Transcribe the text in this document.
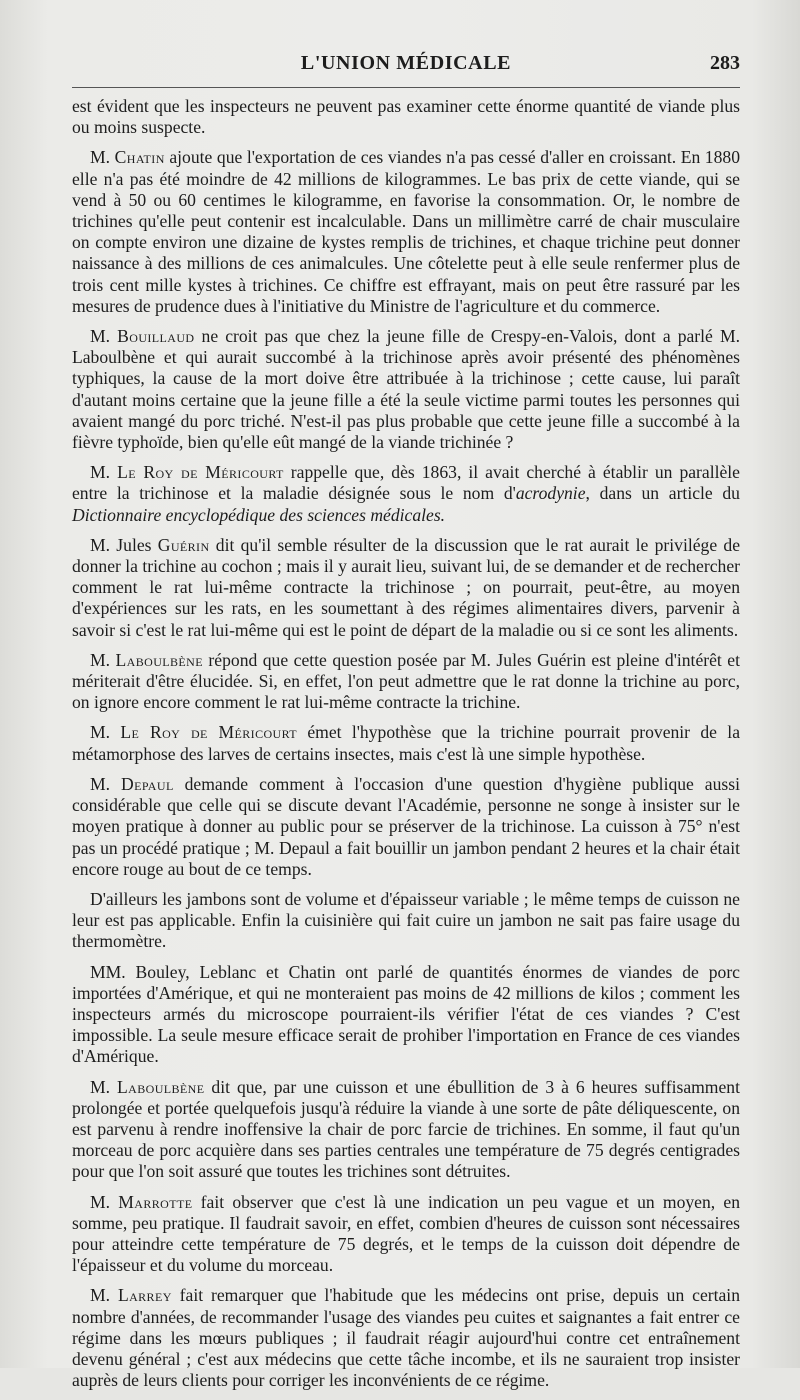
L'UNION MÉDICALE	283

est évident que les inspecteurs ne peuvent pas examiner cette énorme quantité de viande plus ou moins suspecte.

M. Chatin ajoute que l'exportation de ces viandes n'a pas cessé d'aller en croissant. En 1880 elle n'a pas été moindre de 42 millions de kilogrammes. Le bas prix de cette viande, qui se vend à 50 ou 60 centimes le kilogramme, en favorise la consommation. Or, le nombre de trichines qu'elle peut contenir est incalculable. Dans un millimètre carré de chair musculaire on compte environ une dizaine de kystes remplis de trichines, et chaque trichine peut donner naissance à des millions de ces animalcules. Une côtelette peut à elle seule renfermer plus de trois cent mille kystes à trichines. Ce chiffre est effrayant, mais on peut être rassuré par les mesures de prudence dues à l'initiative du Ministre de l'agriculture et du commerce.

M. Bouillaud ne croit pas que chez la jeune fille de Crespy-en-Valois, dont a parlé M. Laboulbène et qui aurait succombé à la trichinose après avoir présenté des phénomènes typhiques, la cause de la mort doive être attribuée à la trichinose ; cette cause, lui paraît d'autant moins certaine que la jeune fille a été la seule victime parmi toutes les personnes qui avaient mangé du porc triché. N'est-il pas plus probable que cette jeune fille a succombé à la fièvre typhoïde, bien qu'elle eût mangé de la viande trichinée ?

M. Le Roy de Méricourt rappelle que, dès 1863, il avait cherché à établir un parallèle entre la trichinose et la maladie désignée sous le nom d'acrodynie, dans un article du Dictionnaire encyclopédique des sciences médicales.

M. Jules Guérin dit qu'il semble résulter de la discussion que le rat aurait le privilége de donner la trichine au cochon ; mais il y aurait lieu, suivant lui, de se demander et de rechercher comment le rat lui-même contracte la trichinose ; on pourrait, peut-être, au moyen d'expériences sur les rats, en les soumettant à des régimes alimentaires divers, parvenir à savoir si c'est le rat lui-même qui est le point de départ de la maladie ou si ce sont les aliments.

M. Laboulbène répond que cette question posée par M. Jules Guérin est pleine d'intérêt et mériterait d'être élucidée. Si, en effet, l'on peut admettre que le rat donne la trichine au porc, on ignore encore comment le rat lui-même contracte la trichine.

M. Le Roy de Méricourt émet l'hypothèse que la trichine pourrait provenir de la métamorphose des larves de certains insectes, mais c'est là une simple hypothèse.

M. Depaul demande comment à l'occasion d'une question d'hygiène publique aussi considérable que celle qui se discute devant l'Académie, personne ne songe à insister sur le moyen pratique à donner au public pour se préserver de la trichinose. La cuisson à 75° n'est pas un procédé pratique ; M. Depaul a fait bouillir un jambon pendant 2 heures et la chair était encore rouge au bout de ce temps.

D'ailleurs les jambons sont de volume et d'épaisseur variable ; le même temps de cuisson ne leur est pas applicable. Enfin la cuisinière qui fait cuire un jambon ne sait pas faire usage du thermomètre.

MM. Bouley, Leblanc et Chatin ont parlé de quantités énormes de viandes de porc importées d'Amérique, et qui ne monteraient pas moins de 42 millions de kilos ; comment les inspecteurs armés du microscope pourraient-ils vérifier l'état de ces viandes ? C'est impossible. La seule mesure efficace serait de prohiber l'importation en France de ces viandes d'Amérique.

M. Laboulbène dit que, par une cuisson et une ébullition de 3 à 6 heures suffisamment prolongée et portée quelquefois jusqu'à réduire la viande à une sorte de pâte déliquescente, on est parvenu à rendre inoffensive la chair de porc farcie de trichines. En somme, il faut qu'un morceau de porc acquière dans ses parties centrales une température de 75 degrés centigrades pour que l'on soit assuré que toutes les trichines sont détruites.

M. Marrotte fait observer que c'est là une indication un peu vague et un moyen, en somme, peu pratique. Il faudrait savoir, en effet, combien d'heures de cuisson sont nécessaires pour atteindre cette température de 75 degrés, et le temps de la cuisson doit dépendre de l'épaisseur et du volume du morceau.

M. Larrey fait remarquer que l'habitude que les médecins ont prise, depuis un certain nombre d'années, de recommander l'usage des viandes peu cuites et saignantes a fait entrer ce régime dans les mœurs publiques ; il faudrait réagir aujourd'hui contre cet entraînement devenu général ; c'est aux médecins que cette tâche incombe, et ils ne sauraient trop insister auprès de leurs clients pour corriger les inconvénients de ce régime.
